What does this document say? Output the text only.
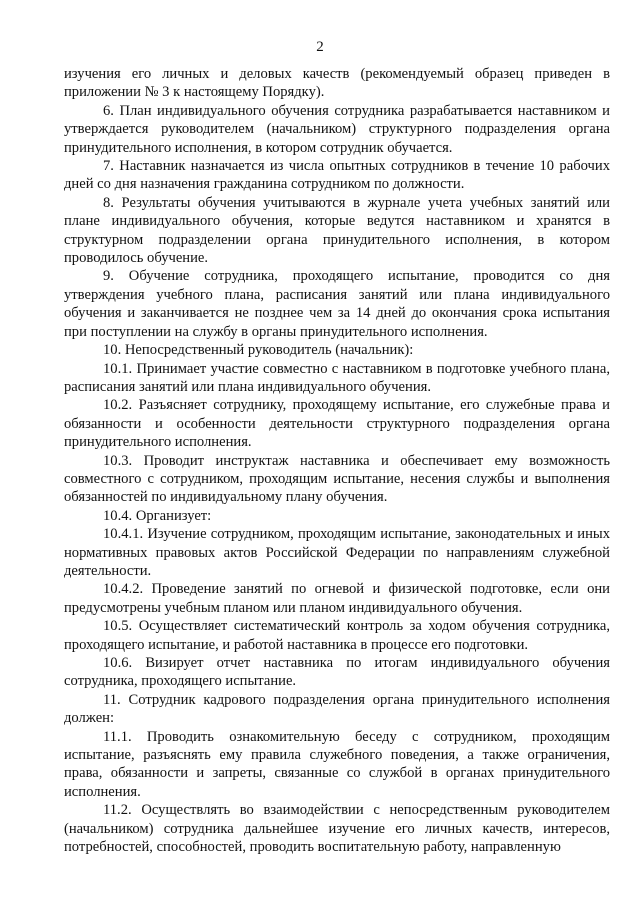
2

изучения его личных и деловых качеств (рекомендуемый образец приведен в приложении № 3 к настоящему Порядку).

6. План индивидуального обучения сотрудника разрабатывается наставником и утверждается руководителем (начальником) структурного подразделения органа принудительного исполнения, в котором сотрудник обучается.

7. Наставник назначается из числа опытных сотрудников в течение 10 рабочих дней со дня назначения гражданина сотрудником по должности.

8. Результаты обучения учитываются в журнале учета учебных занятий или плане индивидуального обучения, которые ведутся наставником и хранятся в структурном подразделении органа принудительного исполнения, в котором проводилось обучение.

9. Обучение сотрудника, проходящего испытание, проводится со дня утверждения учебного плана, расписания занятий или плана индивидуального обучения и заканчивается не позднее чем за 14 дней до окончания срока испытания при поступлении на службу в органы принудительного исполнения.

10. Непосредственный руководитель (начальник):

10.1. Принимает участие совместно с наставником в подготовке учебного плана, расписания занятий или плана индивидуального обучения.

10.2. Разъясняет сотруднику, проходящему испытание, его служебные права и обязанности и особенности деятельности структурного подразделения органа принудительного исполнения.

10.3. Проводит инструктаж наставника и обеспечивает ему возможность совместного с сотрудником, проходящим испытание, несения службы и выполнения обязанностей по индивидуальному плану обучения.

10.4. Организует:

10.4.1. Изучение сотрудником, проходящим испытание, законодательных и иных нормативных правовых актов Российской Федерации по направлениям служебной деятельности.

10.4.2. Проведение занятий по огневой и физической подготовке, если они предусмотрены учебным планом или планом индивидуального обучения.

10.5. Осуществляет систематический контроль за ходом обучения сотрудника, проходящего испытание, и работой наставника в процессе его подготовки.

10.6. Визирует отчет наставника по итогам индивидуального обучения сотрудника, проходящего испытание.

11. Сотрудник кадрового подразделения органа принудительного исполнения должен:

11.1. Проводить ознакомительную беседу с сотрудником, проходящим испытание, разъяснять ему правила служебного поведения, а также ограничения, права, обязанности и запреты, связанные со службой в органах принудительного исполнения.

11.2. Осуществлять во взаимодействии с непосредственным руководителем (начальником) сотрудника дальнейшее изучение его личных качеств, интересов, потребностей, способностей, проводить воспитательную работу, направленную
